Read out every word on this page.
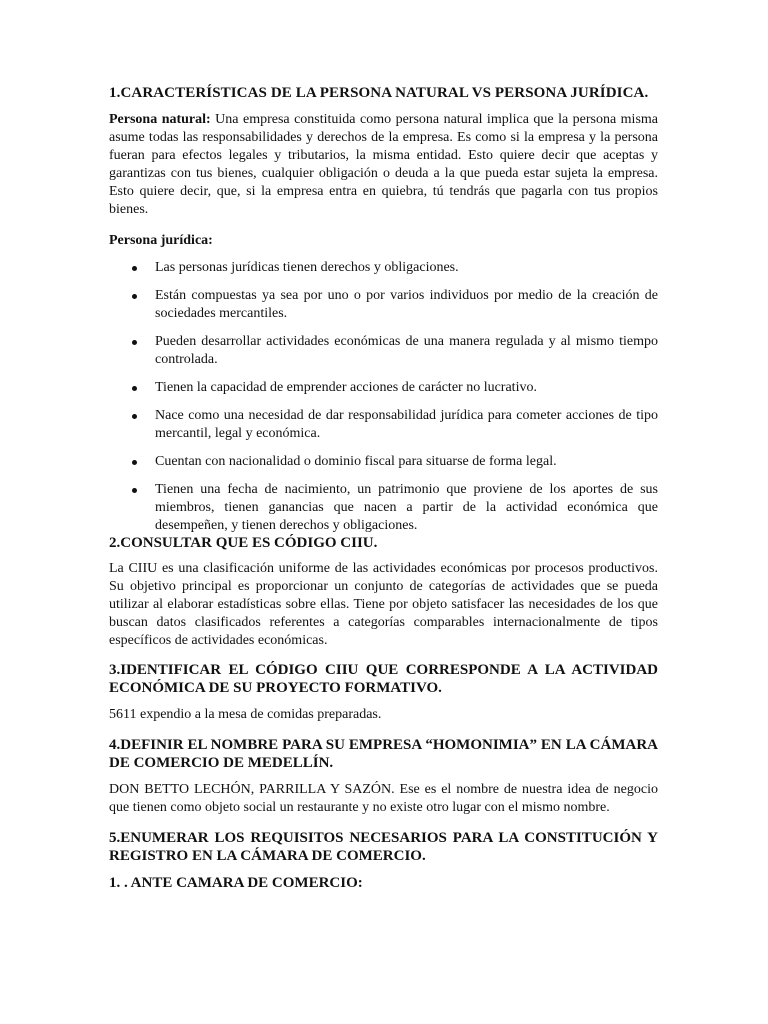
1.CARACTERÍSTICAS DE LA PERSONA NATURAL VS PERSONA JURÍDICA.

Persona natural: Una empresa constituida como persona natural implica que la persona misma asume todas las responsabilidades y derechos de la empresa. Es como si la empresa y la persona fueran para efectos legales y tributarios, la misma entidad. Esto quiere decir que aceptas y garantizas con tus bienes, cualquier obligación o deuda a la que pueda estar sujeta la empresa. Esto quiere decir, que, si la empresa entra en quiebra, tú tendrás que pagarla con tus propios bienes.

Persona jurídica:

Las personas jurídicas tienen derechos y obligaciones.
Están compuestas ya sea por uno o por varios individuos por medio de la creación de sociedades mercantiles.
Pueden desarrollar actividades económicas de una manera regulada y al mismo tiempo controlada.
Tienen la capacidad de emprender acciones de carácter no lucrativo.
Nace como una necesidad de dar responsabilidad jurídica para cometer acciones de tipo mercantil, legal y económica.
Cuentan con nacionalidad o dominio fiscal para situarse de forma legal.
Tienen una fecha de nacimiento, un patrimonio que proviene de los aportes de sus miembros, tienen ganancias que nacen a partir de la actividad económica que desempeñen, y tienen derechos y obligaciones.
2.CONSULTAR QUE ES CÓDIGO CIIU.

La CIIU es una clasificación uniforme de las actividades económicas por procesos productivos. Su objetivo principal es proporcionar un conjunto de categorías de actividades que se pueda utilizar al elaborar estadísticas sobre ellas. Tiene por objeto satisfacer las necesidades de los que buscan datos clasificados referentes a categorías comparables internacionalmente de tipos específicos de actividades económicas.

3.IDENTIFICAR EL CÓDIGO CIIU QUE CORRESPONDE A LA ACTIVIDAD ECONÓMICA DE SU PROYECTO FORMATIVO.

5611 expendio a la mesa de comidas preparadas.

4.DEFINIR EL NOMBRE PARA SU EMPRESA “HOMONIMIA” EN LA CÁMARA DE COMERCIO DE MEDELLÍN.

DON BETTO LECHÓN, PARRILLA Y SAZÓN. Ese es el nombre de nuestra idea de negocio que tienen como objeto social un restaurante y no existe otro lugar con el mismo nombre.

5.ENUMERAR LOS REQUISITOS NECESARIOS PARA LA CONSTITUCIÓN Y REGISTRO EN LA CÁMARA DE COMERCIO.

1. . ANTE CAMARA DE COMERCIO:
